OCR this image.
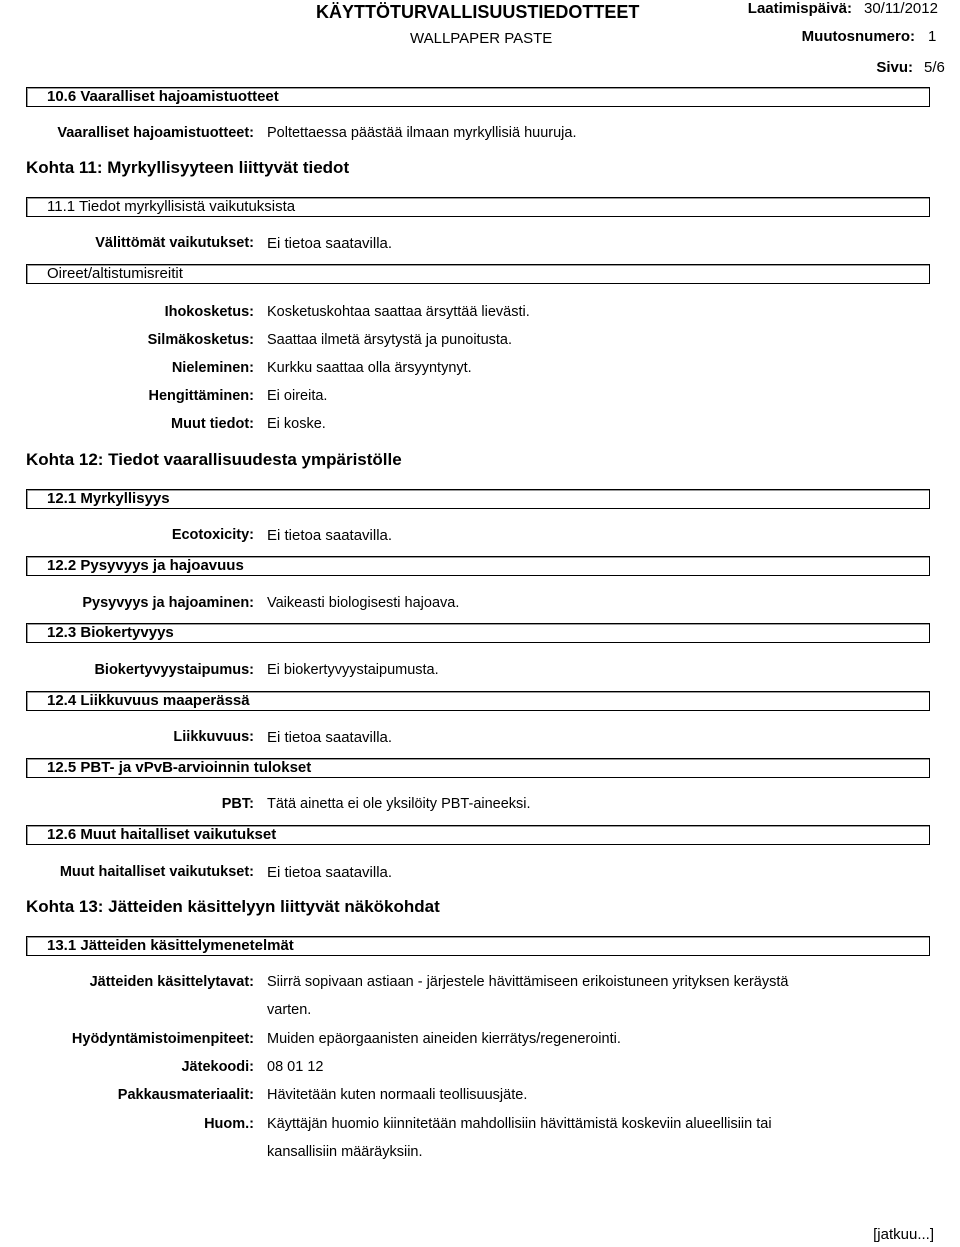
KÄYTTÖTURVALLISUUSTIEDOTTEET
WALLPAPER PASTE
Laatimispäivä: 30/11/2012
Muutosnumero: 1
Sivu: 5/6
10.6 Vaaralliset hajoamistuotteet
Vaaralliset hajoamistuotteet: Poltettaessa päästää ilmaan myrkyllisiä huuruja.
Kohta 11: Myrkyllisyyteen liittyvät tiedot
11.1 Tiedot myrkyllisistä vaikutuksista
Välittömät vaikutukset: Ei tietoa saatavilla.
Oireet/altistumisreitit
Ihokosketus: Kosketuskohtaa saattaa ärsyttää lievästi.
Silmäkosketus: Saattaa ilmetä ärsytystä ja punoitusta.
Nieleminen: Kurkku saattaa olla ärsyyntynyt.
Hengittäminen: Ei oireita.
Muut tiedot: Ei koske.
Kohta 12: Tiedot vaarallisuudesta ympäristölle
12.1 Myrkyllisyys
Ecotoxicity: Ei tietoa saatavilla.
12.2 Pysyvyys ja hajoavuus
Pysyvyys ja hajoaminen: Vaikeasti biologisesti hajoava.
12.3 Biokertyvyys
Biokertyvyystaipumus: Ei biokertyvyystaipumusta.
12.4 Liikkuvuus maaperässä
Liikkuvuus: Ei tietoa saatavilla.
12.5 PBT- ja vPvB-arvioinnin tulokset
PBT: Tätä ainetta ei ole yksilöity PBT-aineeksi.
12.6 Muut haitalliset vaikutukset
Muut haitalliset vaikutukset: Ei tietoa saatavilla.
Kohta 13: Jätteiden käsittelyyn liittyvät näkökohdat
13.1 Jätteiden käsittelymenetelmät
Jätteiden käsittelytavat: Siirrä sopivaan astiaan - järjestele hävittämiseen erikoistuneen yrityksen keräystä
varten.
Hyödyntämistoimenpiteet: Muiden epäorgaanisten aineiden kierrätys/regenerointi.
Jätekoodi: 08 01 12
Pakkausmateriaalit: Hävitetään kuten normaali teollisuusjäte.
Huom.: Käyttäjän huomio kiinnitetään mahdollisiin hävittämistä koskeviin alueellisiin tai
kansallisiin määräyksiin.
[jatkuu...]
